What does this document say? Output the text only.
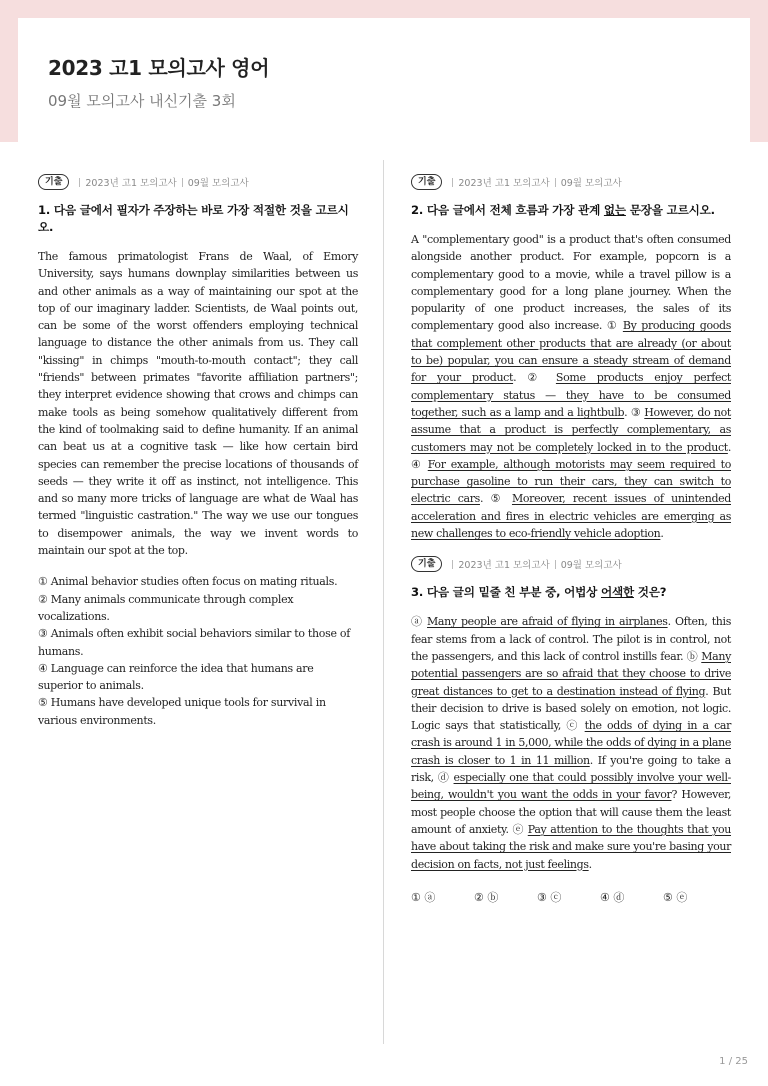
2023 고1 모의고사 영어
09월 모의고사 내신기출 3회
기출	2023년 고1 모의고사 09월 모의고사
1. 다음 글에서 필자가 주장하는 바로 가장 적절한 것을 고르시오.

The famous primatologist Frans de Waal, of Emory University, says humans downplay similarities between us and other animals as a way of maintaining our spot at the top of our imaginary ladder. Scientists, de Waal points out, can be some of the worst offenders employing technical language to distance the other animals from us. They call "kissing" in chimps "mouth-to-mouth contact"; they call "friends" between primates "favorite affiliation partners"; they interpret evidence showing that crows and chimps can make tools as being somehow qualitatively different from the kind of toolmaking said to define humanity. If an animal can beat us at a cognitive task — like how certain bird species can remember the precise locations of thousands of seeds — they write it off as instinct, not intelligence. This and so many more tricks of language are what de Waal has termed "linguistic castration." The way we use our tongues to disempower animals, the way we invent words to maintain our spot at the top.

① Animal behavior studies often focus on mating rituals.
② Many animals communicate through complex vocalizations.
③ Animals often exhibit social behaviors similar to those of humans.
④ Language can reinforce the idea that humans are superior to animals.
⑤ Humans have developed unique tools for survival in various environments.
기출	2023년 고1 모의고사 09월 모의고사
2. 다음 글에서 전체 흐름과 가장 관계 없는 문장을 고르시오.

A "complementary good" is a product that's often consumed alongside another product. For example, popcorn is a complementary good to a movie, while a travel pillow is a complementary good for a long plane journey. When the popularity of one product increases, the sales of its complementary good also increase. ① By producing goods that complement other products that are already (or about to be) popular, you can ensure a steady stream of demand for your product. ② Some products enjoy perfect complementary status — they have to be consumed together, such as a lamp and a lightbulb. ③ However, do not assume that a product is perfectly complementary, as customers may not be completely locked in to the product. ④ For example, although motorists may seem required to purchase gasoline to run their cars, they can switch to electric cars. ⑤ Moreover, recent issues of unintended acceleration and fires in electric vehicles are emerging as new challenges to eco-friendly vehicle adoption.

기출	2023년 고1 모의고사 09월 모의고사
3. 다음 글의 밑줄 친 부분 중, 어법상 어색한 것은?

ⓐ Many people are afraid of flying in airplanes. Often, this fear stems from a lack of control. The pilot is in control, not the passengers, and this lack of control instills fear. ⓑ Many potential passengers are so afraid that they choose to drive great distances to get to a destination instead of flying. But their decision to drive is based solely on emotion, not logic. Logic says that statistically, ⓒ the odds of dying in a car crash is around 1 in 5,000, while the odds of dying in a plane crash is closer to 1 in 11 million. If you're going to take a risk, ⓓ especially one that could possibly involve your well-being, wouldn't you want the odds in your favor? However, most people choose the option that will cause them the least amount of anxiety. ⓔ Pay attention to the thoughts that you have about taking the risk and make sure you're basing your decision on facts, not just feelings.

① ⓐ	② ⓑ	③ ⓒ	④ ⓓ	⑤ ⓔ
1 / 25
